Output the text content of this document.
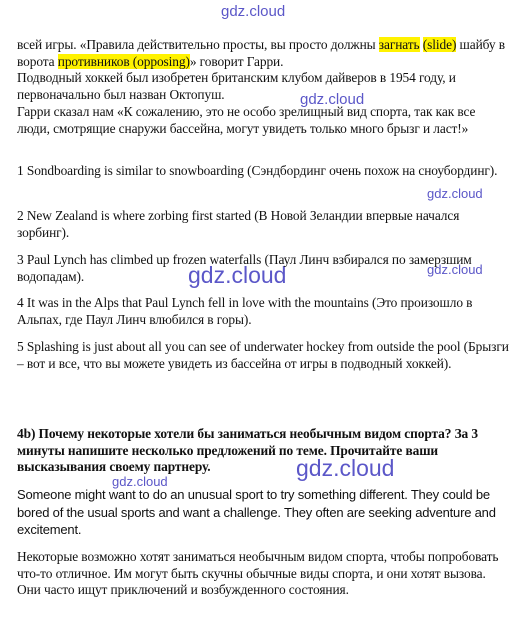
gdz.cloud
gdz.cloud
gdz.cloud
gdz.cloud	gdz.cloud
gdz.cloud
gdz.cloud
всей игры. «Правила действительно просты, вы просто должны загнать (slide) шайбу в ворота противников (opposing)» говорит Гарри.
Подводный хоккей был изобретен британским клубом дайверов в 1954 году, и первоначально был назван Октопуш.
Гарри сказал нам «К сожалению, это не особо зрелищный вид спорта, так как все люди, смотрящие снаружи бассейна, могут увидеть только много брызг и ласт!»
1 Sondboarding is similar to snowboarding (Сэндбординг очень похож на сноубординг).
2 New Zealand is where zorbing first started (В Новой Зеландии впервые начался зорбинг).
3 Paul Lynch has climbed up frozen waterfalls (Паул Линч взбирался по замерзшим водопадам).
4 It was in the Alps that Paul Lynch fell in love with the mountains (Это произошло в Альпах, где Паул Линч влюбился в горы).
5 Splashing is just about all you can see of underwater hockey from outside the pool (Брызги – вот и все, что вы можете увидеть из бассейна от игры в подводный хоккей).
4b) Почему некоторые хотели бы заниматься необычным видом спорта? За 3 минуты напишите несколько предложений по теме. Прочитайте ваши высказывания своему партнеру.
Someone might want to do an unusual sport to try something different. They could be bored of the usual sports and want a challenge. They often are seeking adventure and excitement.
Некоторые возможно хотят заниматься необычным видом спорта, чтобы попробовать что-то отличное. Им могут быть скучны обычные виды спорта, и они хотят вызова. Они часто ищут приключений и возбужденного состояния.
